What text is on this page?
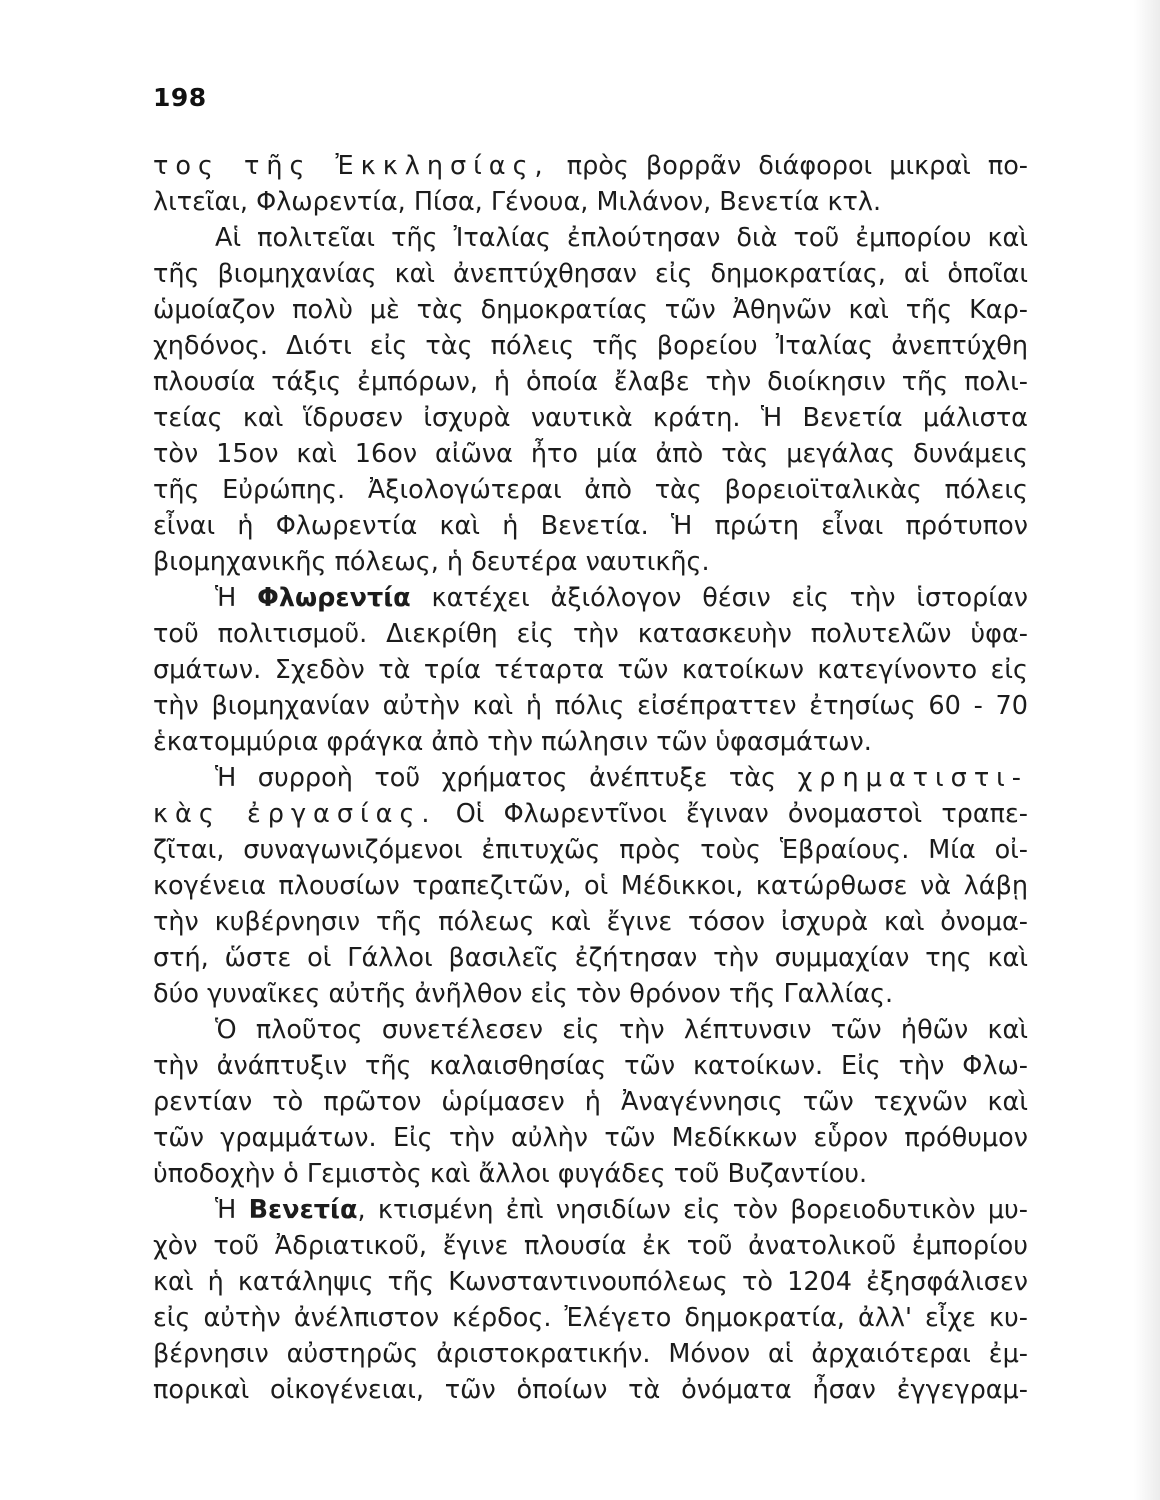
198
τος τῆς Ἐκκλησίας, πρὸς βορρᾶν διάφοροι μικραὶ πο-
λιτεῖαι, Φλωρεντία, Πίσα, Γένουα, Μιλάνον, Βενετία κτλ.
Αἱ πολιτεῖαι τῆς Ἰταλίας ἐπλούτησαν διὰ τοῦ ἐμπορίου καὶ
τῆς βιομηχανίας καὶ ἀνεπτύχθησαν εἰς δημοκρατίας, αἱ ὁποῖαι
ὡμοίαζον πολὺ μὲ τὰς δημοκρατίας τῶν Ἀθηνῶν καὶ τῆς Καρ-
χηδόνος. Διότι εἰς τὰς πόλεις τῆς βορείου Ἰταλίας ἀνεπτύχθη
πλουσία τάξις ἐμπόρων, ἡ ὁποία ἔλαβε τὴν διοίκησιν τῆς πολι-
τείας καὶ ἵδρυσεν ἰσχυρὰ ναυτικὰ κράτη. Ἡ Βενετία μάλιστα
τὸν 15ον καὶ 16ον αἰῶνα ἦτο μία ἀπὸ τὰς μεγάλας δυνάμεις
τῆς Εὐρώπης. Ἀξιολογώτεραι ἀπὸ τὰς βορειοϊταλικὰς πόλεις
εἶναι ἡ Φλωρεντία καὶ ἡ Βενετία. Ἡ πρώτη εἶναι πρότυπον
βιομηχανικῆς πόλεως, ἡ δευτέρα ναυτικῆς.
Ἡ Φλωρεντία κατέχει ἀξιόλογον θέσιν εἰς τὴν ἱστορίαν
τοῦ πολιτισμοῦ. Διεκρίθη εἰς τὴν κατασκευὴν πολυτελῶν ὑφα-
σμάτων. Σχεδὸν τὰ τρία τέταρτα τῶν κατοίκων κατεγίνοντο εἰς
τὴν βιομηχανίαν αὐτὴν καὶ ἡ πόλις εἰσέπραττεν ἐτησίως 60 - 70
ἑκατομμύρια φράγκα ἀπὸ τὴν πώλησιν τῶν ὑφασμάτων.
Ἡ συρροὴ τοῦ χρήματος ἀνέπτυξε τὰς χρηματιστι-
κὰς ἐργασίας. Οἱ Φλωρεντῖνοι ἔγιναν ὀνομαστοὶ τραπε-
ζῖται, συναγωνιζόμενοι ἐπιτυχῶς πρὸς τοὺς Ἑβραίους. Μία οἰ-
κογένεια πλουσίων τραπεζιτῶν, οἱ Μέδικκοι, κατώρθωσε νὰ λάβῃ
τὴν κυβέρνησιν τῆς πόλεως καὶ ἔγινε τόσον ἰσχυρὰ καὶ ὀνομα-
στή, ὥστε οἱ Γάλλοι βασιλεῖς ἐζήτησαν τὴν συμμαχίαν της καὶ
δύο γυναῖκες αὐτῆς ἀνῆλθον εἰς τὸν θρόνον τῆς Γαλλίας.
Ὁ πλοῦτος συνετέλεσεν εἰς τὴν λέπτυνσιν τῶν ἠθῶν καὶ
τὴν ἀνάπτυξιν τῆς καλαισθησίας τῶν κατοίκων. Εἰς τὴν Φλω-
ρεντίαν τὸ πρῶτον ὡρίμασεν ἡ Ἀναγέννησις τῶν τεχνῶν καὶ
τῶν γραμμάτων. Εἰς τὴν αὐλὴν τῶν Μεδίκκων εὗρον πρόθυμον
ὑποδοχὴν ὁ Γεμιστὸς καὶ ἄλλοι φυγάδες τοῦ Βυζαντίου.
Ἡ Βενετία, κτισμένη ἐπὶ νησιδίων εἰς τὸν βορειοδυτικὸν μυ-
χὸν τοῦ Ἀδριατικοῦ, ἔγινε πλουσία ἐκ τοῦ ἀνατολικοῦ ἐμπορίου
καὶ ἡ κατάληψις τῆς Κωνσταντινουπόλεως τὸ 1204 ἐξησφάλισεν
εἰς αὐτὴν ἀνέλπιστον κέρδος. Ἐλέγετο δημοκρατία, ἀλλ' εἶχε κυ-
βέρνησιν αὐστηρῶς ἀριστοκρατικήν. Μόνον αἱ ἀρχαιότεραι ἐμ-
πορικαὶ οἰκογένειαι, τῶν ὁποίων τὰ ὀνόματα ἦσαν ἐγγεγραμ-
